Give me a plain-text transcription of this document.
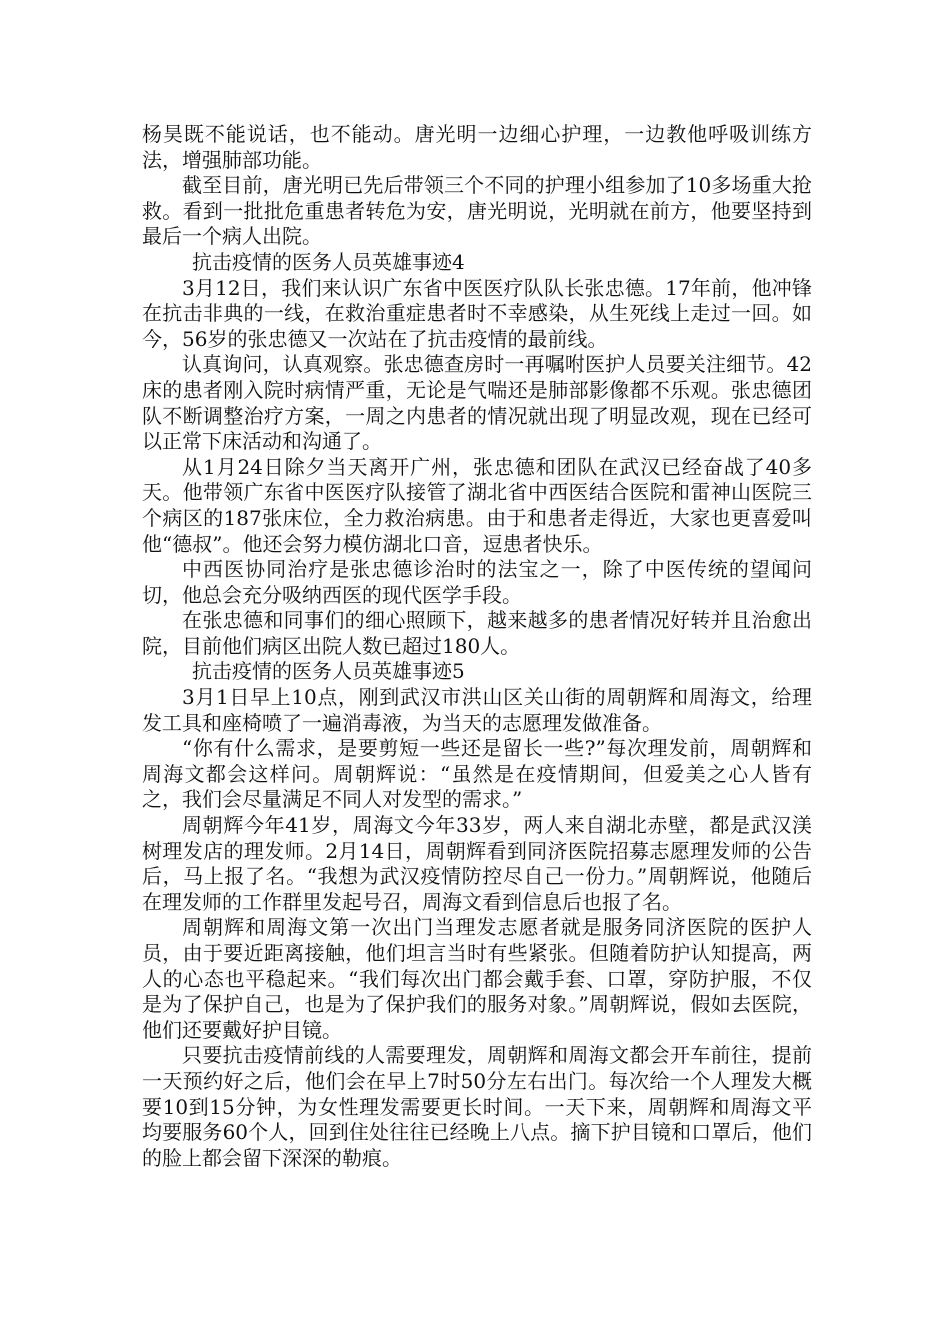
杨昊既不能说话，也不能动。唐光明一边细心护理，一边教他呼吸训练方法，增强肺部功能。

截至目前，唐光明已先后带领三个不同的护理小组参加了10多场重大抢救。看到一批批危重患者转危为安，唐光明说，光明就在前方，他要坚持到最后一个病人出院。

抗击疫情的医务人员英雄事迹4

3月12日，我们来认识广东省中医医疗队队长张忠德。17年前，他冲锋在抗击非典的一线，在救治重症患者时不幸感染，从生死线上走过一回。如今，56岁的张忠德又一次站在了抗击疫情的最前线。

认真询问，认真观察。张忠德查房时一再嘱咐医护人员要关注细节。42床的患者刚入院时病情严重，无论是气喘还是肺部影像都不乐观。张忠德团队不断调整治疗方案，一周之内患者的情况就出现了明显改观，现在已经可以正常下床活动和沟通了。

从1月24日除夕当天离开广州，张忠德和团队在武汉已经奋战了40多天。他带领广东省中医医疗队接管了湖北省中西医结合医院和雷神山医院三个病区的187张床位，全力救治病患。由于和患者走得近，大家也更喜爱叫他“德叔”。他还会努力模仿湖北口音，逗患者快乐。

中西医协同治疗是张忠德诊治时的法宝之一，除了中医传统的望闻问切，他总会充分吸纳西医的现代医学手段。

在张忠德和同事们的细心照顾下，越来越多的患者情况好转并且治愈出院，目前他们病区出院人数已超过180人。

抗击疫情的医务人员英雄事迹5

3月1日早上10点，刚到武汉市洪山区关山街的周朝辉和周海文，给理发工具和座椅喷了一遍消毒液，为当天的志愿理发做准备。

“你有什么需求，是要剪短一些还是留长一些?”每次理发前，周朝辉和周海文都会这样问。周朝辉说：“虽然是在疫情期间，但爱美之心人皆有之，我们会尽量满足不同人对发型的需求。”

周朝辉今年41岁，周海文今年33岁，两人来自湖北赤壁，都是武汉渼树理发店的理发师。2月14日，周朝辉看到同济医院招募志愿理发师的公告后，马上报了名。“我想为武汉疫情防控尽自己一份力。”周朝辉说，他随后在理发师的工作群里发起号召，周海文看到信息后也报了名。

周朝辉和周海文第一次出门当理发志愿者就是服务同济医院的医护人员，由于要近距离接触，他们坦言当时有些紧张。但随着防护认知提高，两人的心态也平稳起来。“我们每次出门都会戴手套、口罩，穿防护服，不仅是为了保护自己，也是为了保护我们的服务对象。”周朝辉说，假如去医院，他们还要戴好护目镜。

只要抗击疫情前线的人需要理发，周朝辉和周海文都会开车前往，提前一天预约好之后，他们会在早上7时50分左右出门。每次给一个人理发大概要10到15分钟，为女性理发需要更长时间。一天下来，周朝辉和周海文平均要服务60个人，回到住处往往已经晚上八点。摘下护目镜和口罩后，他们的脸上都会留下深深的勒痕。
